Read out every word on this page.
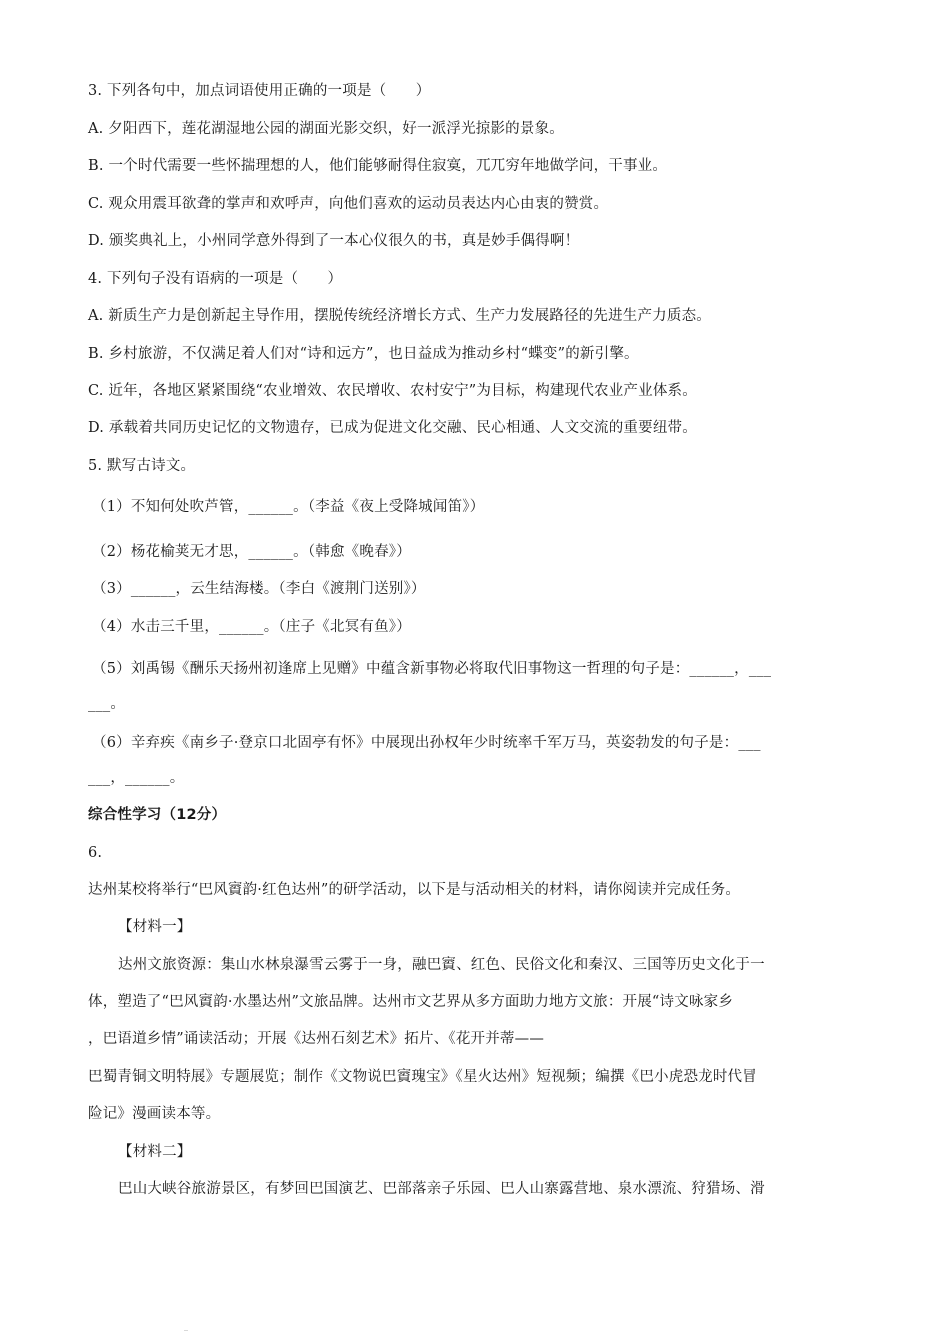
3. 下列各句中，加点词语使用正确的一项是（　　）
A. 夕阳西下，莲花湖湿地公园的湖面光影交织，好一派浮光掠影的景象。
B. 一个时代需要一些怀揣理想的人，他们能够耐得住寂寞，兀兀穷年地做学问，干事业。
C. 观众用震耳欲聋的掌声和欢呼声，向他们喜欢的运动员表达内心由衷的赞赏。
D. 颁奖典礼上，小州同学意外得到了一本心仪很久的书，真是妙手偶得啊！
4. 下列句子没有语病的一项是（　　）
A. 新质生产力是创新起主导作用，摆脱传统经济增长方式、生产力发展路径的先进生产力质态。
B. 乡村旅游，不仅满足着人们对“诗和远方”，也日益成为推动乡村“蝶变”的新引擎。
C. 近年，各地区紧紧围绕“农业增效、农民增收、农村安宁”为目标，构建现代农业产业体系。
D. 承载着共同历史记忆的文物遗存，已成为促进文化交融、民心相通、人文交流的重要纽带。
5. 默写古诗文。
（1）不知何处吹芦管，______。（李益《夜上受降城闻笛》）
（2）杨花榆荚无才思，______。（韩愈《晚春》）
（3）______，云生结海楼。（李白《渡荆门送别》）
（4）水击三千里，______。（庄子《北冥有鱼》）
（5）刘禹锡《酬乐天扬州初逢席上见赠》中蕴含新事物必将取代旧事物这一哲理的句子是：______，___
___。
（6）辛弃疾《南乡子·登京口北固亭有怀》中展现出孙权年少时统率千军万马，英姿勃发的句子是：___
___，______。
综合性学习（12分）
6.
达州某校将举行“巴风賨韵·红色达州”的研学活动，以下是与活动相关的材料，请你阅读并完成任务。
【材料一】
达州文旅资源：集山水林泉瀑雪云雾于一身，融巴賨、红色、民俗文化和秦汉、三国等历史文化于一
体，塑造了“巴风賨韵·水墨达州”文旅品牌。达州市文艺界从多方面助力地方文旅：开展“诗文咏家乡
，巴语道乡情”诵读活动；开展《达州石刻艺术》拓片、《花开并蒂——
巴蜀青铜文明特展》专题展览；制作《文物说巴賨瑰宝》《星火达州》短视频；编撰《巴小虎恐龙时代冒
险记》漫画读本等。
【材料二】
巴山大峡谷旅游景区，有梦回巴国演艺、巴部落亲子乐园、巴人山寨露营地、泉水漂流、狩猎场、滑
